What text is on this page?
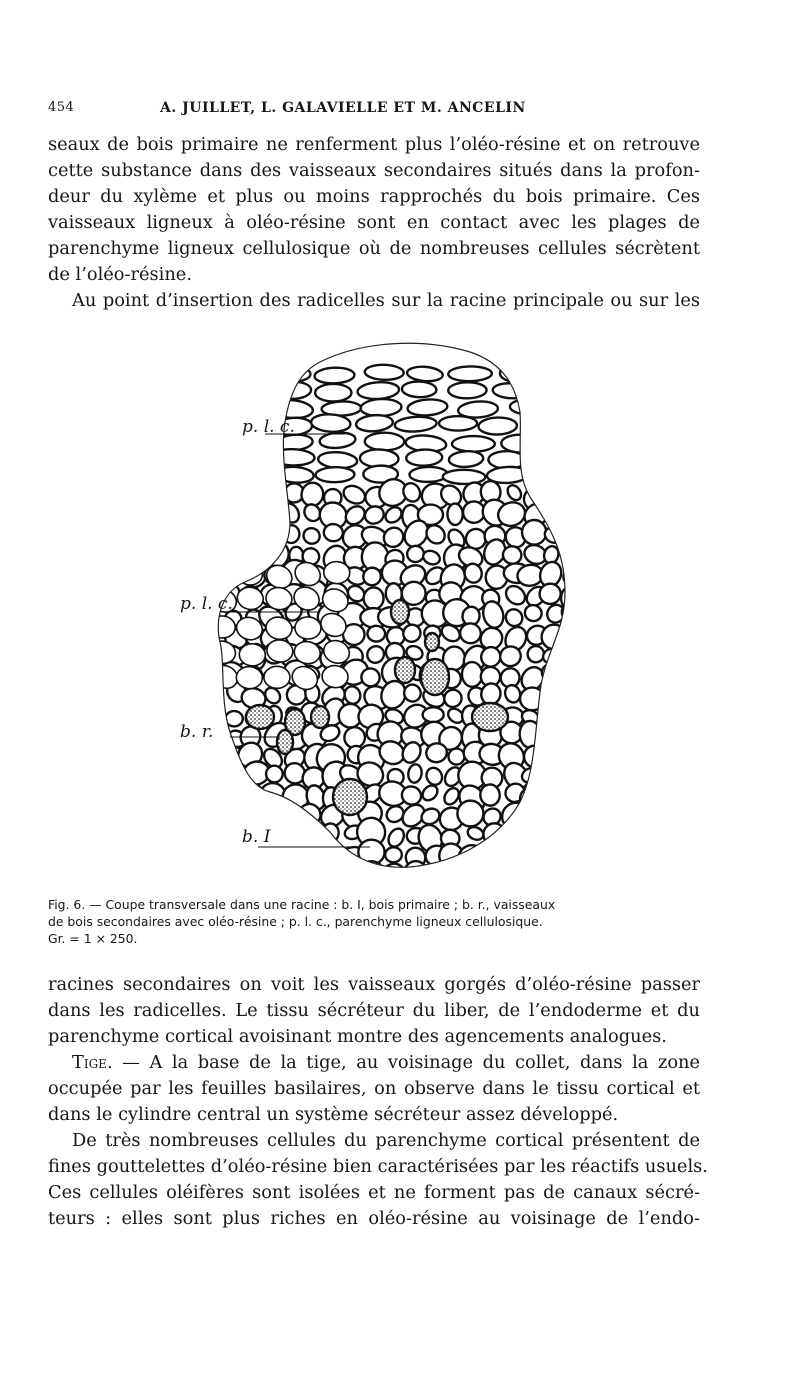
454	A. JUILLET, L. GALAVIELLE ET M. ANCELIN
seaux de bois primaire ne renferment plus l’oléo-résine et on retrouve
cette substance dans des vaisseaux secondaires situés dans la profon-
deur du xylème et plus ou moins rapprochés du bois primaire. Ces
vaisseaux ligneux à oléo-résine sont en contact avec les plages de
parenchyme ligneux cellulosique où de nombreuses cellules sécrètent
de l’oléo-résine.
Au point d’insertion des radicelles sur la racine principale ou sur les
p. l. c.
p. l. c.
b. r.
b. I
Fig. 6. — Coupe transversale dans une racine : b. I, bois primaire ; b. r., vaisseaux
de bois secondaires avec oléo-résine ; p. l. c., parenchyme ligneux cellulosique.
Gr. = 1 × 250.
racines secondaires on voit les vaisseaux gorgés d’oléo-résine passer
dans les radicelles. Le tissu sécréteur du liber, de l’endoderme et du
parenchyme cortical avoisinant montre des agencements analogues.
Tige. — A la base de la tige, au voisinage du collet, dans la zone
occupée par les feuilles basilaires, on observe dans le tissu cortical et
dans le cylindre central un système sécréteur assez développé.
De très nombreuses cellules du parenchyme cortical présentent de
fines gouttelettes d’oléo-résine bien caractérisées par les réactifs usuels.
Ces cellules oléifères sont isolées et ne forment pas de canaux sécré-
teurs : elles sont plus riches en oléo-résine au voisinage de l’endo-
